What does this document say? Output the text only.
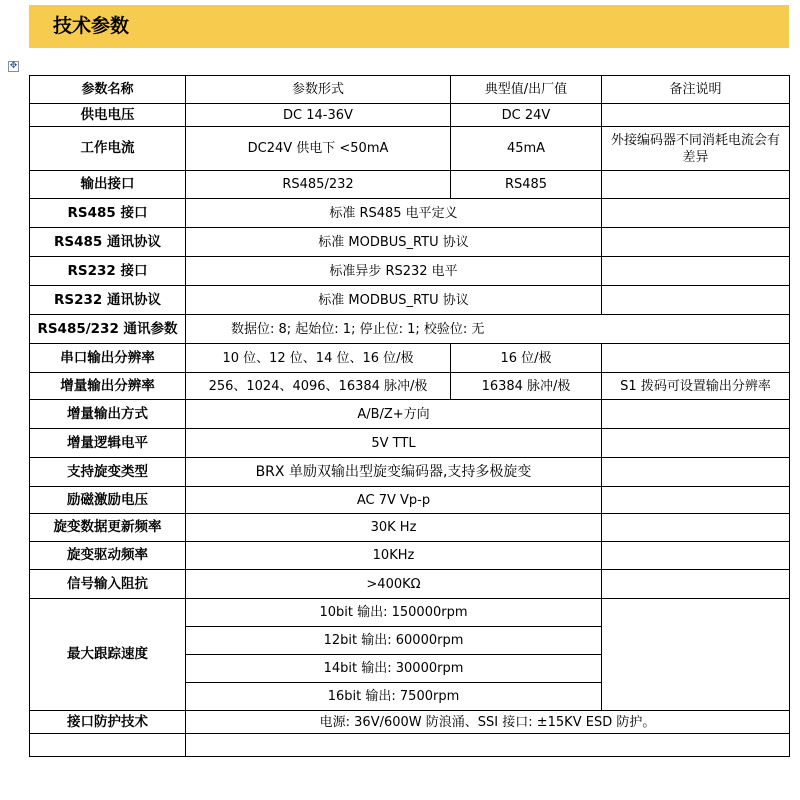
技术参数
✥
参数名称	参数形式	典型值/出厂值	备注说明
供电电压	DC 14-36V	DC 24V	
工作电流	DC24V 供电下 <50mA	45mA	外接编码器不同消耗电流会有差异
输出接口	RS485/232	RS485	
RS485 接口	标准 RS485 电平定义		
RS485 通讯协议	标准 MODBUS_RTU 协议		
RS232 接口	标准异步 RS232 电平		
RS232 通讯协议	标准 MODBUS_RTU 协议		
RS485/232 通讯参数	数据位: 8; 起始位: 1; 停止位: 1; 校验位: 无		
串口输出分辨率	10 位、12 位、14 位、16 位/极	16 位/极	
增量输出分辨率	256、1024、4096、16384 脉冲/极	16384 脉冲/极	S1 拨码可设置输出分辨率
增量输出方式	A/B/Z+方向		
增量逻辑电平	5V TTL		
支持旋变类型	BRX 单励双输出型旋变编码器,支持多极旋变		
励磁激励电压	AC 7V Vp-p		
旋变数据更新频率	30K Hz		
旋变驱动频率	10KHz		
信号输入阻抗	>400KΩ		
最大跟踪速度	10bit 输出: 150000rpm		
	12bit 输出: 60000rpm		
	14bit 输出: 30000rpm		
	16bit 输出: 7500rpm		
接口防护技术	电源: 36V/600W 防浪涌、SSI 接口: ±15KV ESD 防护。		
